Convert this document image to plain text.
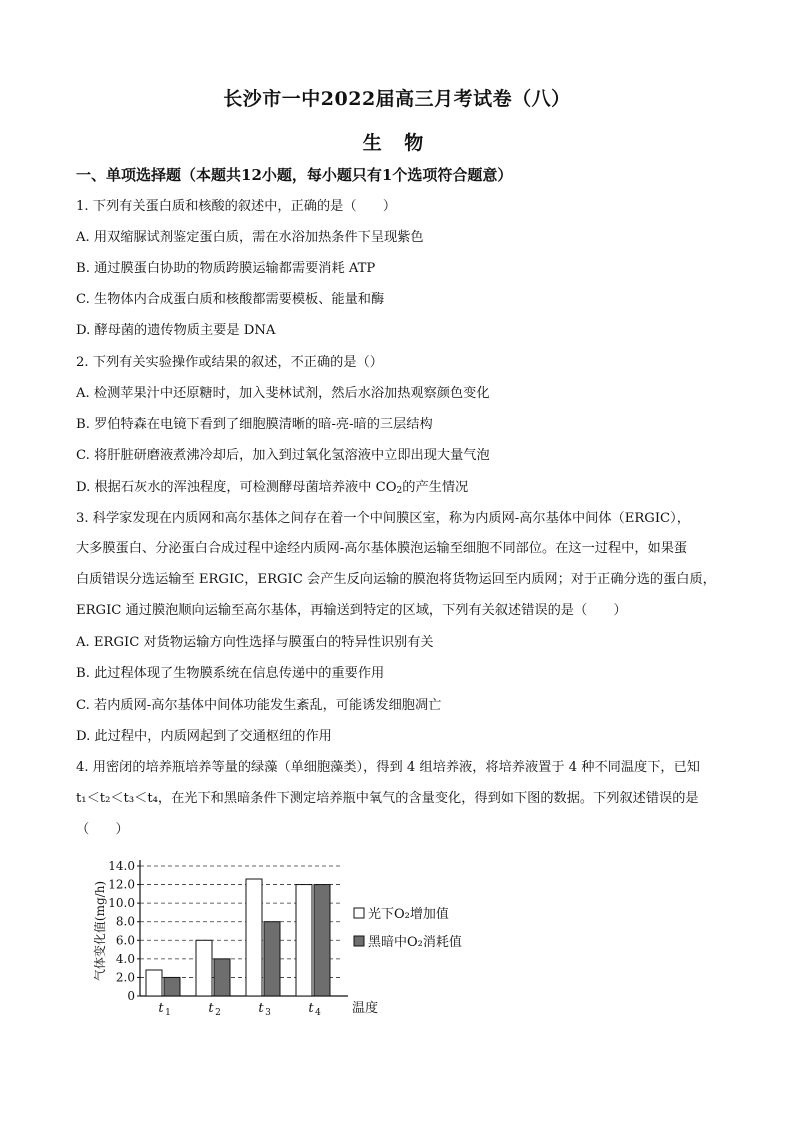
长沙市一中2022届高三月考试卷（八）
生 物
一、单项选择题（本题共12小题，每小题只有1个选项符合题意）
1. 下列有关蛋白质和核酸的叙述中，正确的是（　　）
A. 用双缩脲试剂鉴定蛋白质，需在水浴加热条件下呈现紫色
B. 通过膜蛋白协助的物质跨膜运输都需要消耗 ATP
C. 生物体内合成蛋白质和核酸都需要模板、能量和酶
D. 酵母菌的遗传物质主要是 DNA
2. 下列有关实验操作或结果的叙述，不正确的是（）
A. 检测苹果汁中还原糖时，加入斐林试剂，然后水浴加热观察颜色变化
B. 罗伯特森在电镜下看到了细胞膜清晰的暗-亮-暗的三层结构
C. 将肝脏研磨液煮沸冷却后，加入到过氧化氢溶液中立即出现大量气泡
D. 根据石灰水的浑浊程度，可检测酵母菌培养液中 $CO_2$的产生情况
3. 科学家发现在内质网和高尔基体之间存在着一个中间膜区室，称为内质网-高尔基体中间体（ERGIC），
大多膜蛋白、分泌蛋白合成过程中途经内质网-高尔基体膜泡运输至细胞不同部位。在这一过程中，如果蛋
白质错误分选运输至 ERGIC，ERGIC 会产生反向运输的膜泡将货物运回至内质网；对于正确分选的蛋白质，
ERGIC 通过膜泡顺向运输至高尔基体，再输送到特定的区域，下列有关叙述错误的是（　　）
A. ERGIC 对货物运输方向性选择与膜蛋白的特异性识别有关
B. 此过程体现了生物膜系统在信息传递中的重要作用
C. 若内质网-高尔基体中间体功能发生紊乱，可能诱发细胞凋亡
D. 此过程中，内质网起到了交通枢纽的作用
4. 用密闭的培养瓶培养等量的绿藻（单细胞藻类），得到 4 组培养液，将培养液置于 4 种不同温度下，已知
t₁＜t₂＜t₃＜t₄，在光下和黑暗条件下测定培养瓶中氧气的含量变化，得到如下图的数据。下列叙述错误的是
（　　）
14.0
12.0
10.0
8.0
6.0
4.0
2.0
0
t 1	t 2	t 3	t 4 温度
气体变化值(mg/h)	光下O₂增加值
黑暗中O₂消耗值
